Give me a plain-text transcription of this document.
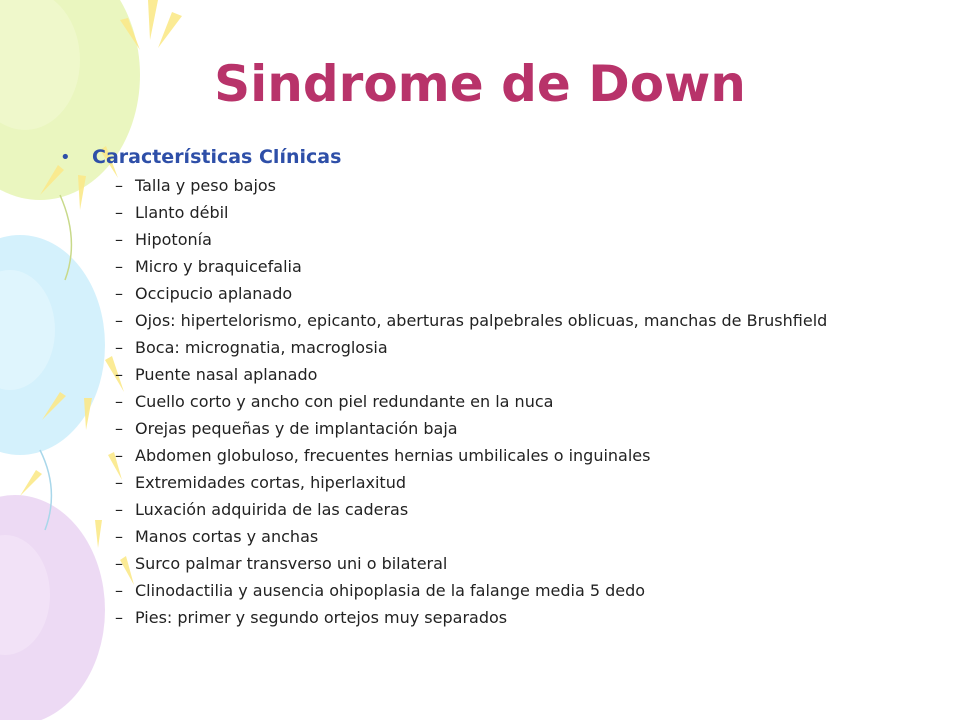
Sindrome de Down
•	Características Clínicas
– Talla y peso bajos
– Llanto débil
– Hipotonía
– Micro y braquicefalia
– Occipucio aplanado
– Ojos: hipertelorismo, epicanto, aberturas palpebrales oblicuas, manchas de Brushfield
– Boca: micrognatia, macroglosia
– Puente nasal aplanado
– Cuello corto y ancho con piel redundante en la nuca
– Orejas pequeñas y de implantación baja
– Abdomen globuloso, frecuentes hernias umbilicales o inguinales
– Extremidades cortas, hiperlaxitud
– Luxación adquirida de las caderas
– Manos cortas y anchas
– Surco palmar transverso uni o bilateral
– Clinodactilia y ausencia ohipoplasia de la falange media 5 dedo
– Pies: primer y segundo ortejos muy separados
